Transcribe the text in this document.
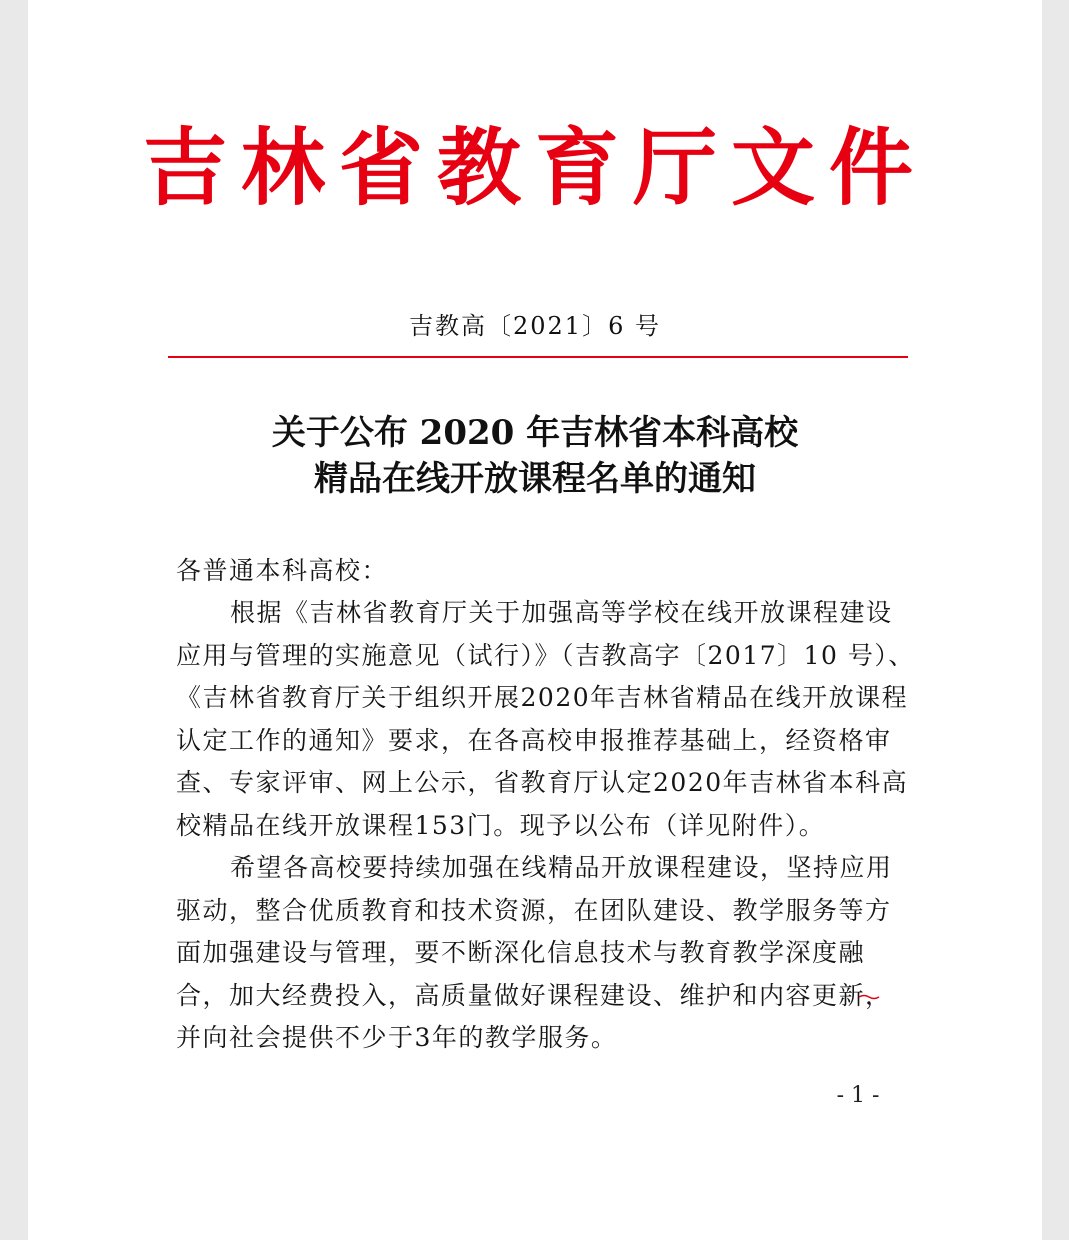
吉林省教育厅文件
吉教高〔2021〕6 号
关于公布 2020 年吉林省本科高校
精品在线开放课程名单的通知
各普通本科高校：
根据《吉林省教育厅关于加强高等学校在线开放课程建设应用与管理的实施意见（试行）》（吉教高字〔2017〕10 号）、《吉林省教育厅关于组织开展2020年吉林省精品在线开放课程认定工作的通知》要求，在各高校申报推荐基础上，经资格审查、专家评审、网上公示，省教育厅认定2020年吉林省本科高校精品在线开放课程153门。现予以公布（详见附件）。
希望各高校要持续加强在线精品开放课程建设，坚持应用驱动，整合优质教育和技术资源，在团队建设、教学服务等方面加强建设与管理，要不断深化信息技术与教育教学深度融合，加大经费投入，高质量做好课程建设、维护和内容更新，并向社会提供不少于3年的教学服务。
- 1 -
